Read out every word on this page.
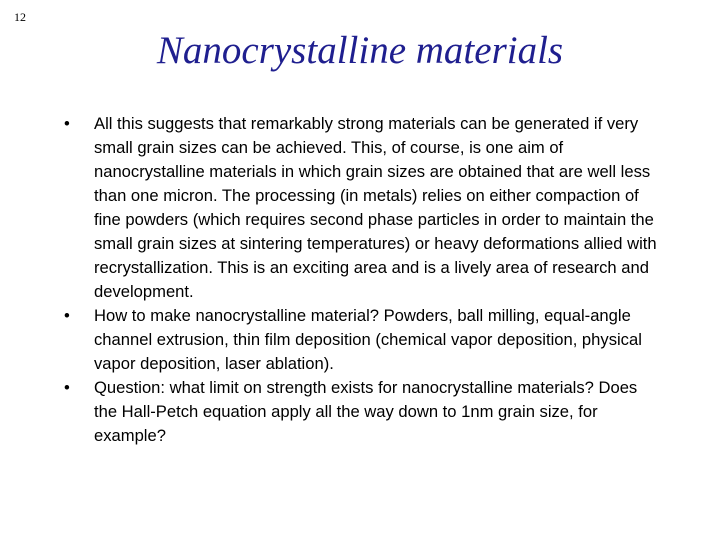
12
Nanocrystalline materials
•	All this suggests that remarkably strong materials can be generated if very small grain sizes can be achieved. This, of course, is one aim of nanocrystalline materials in which grain sizes are obtained that are well less than one micron. The processing (in metals) relies on either compaction of fine powders (which requires second phase particles in order to maintain the small grain sizes at sintering temperatures) or heavy deformations allied with recrystallization. This is an exciting area and is a lively area of research and development.
•	How to make nanocrystalline material? Powders, ball milling, equal-angle channel extrusion, thin film deposition (chemical vapor deposition, physical vapor deposition, laser ablation).
•	Question: what limit on strength exists for nanocrystalline materials? Does the Hall-Petch equation apply all the way down to 1nm grain size, for example?
